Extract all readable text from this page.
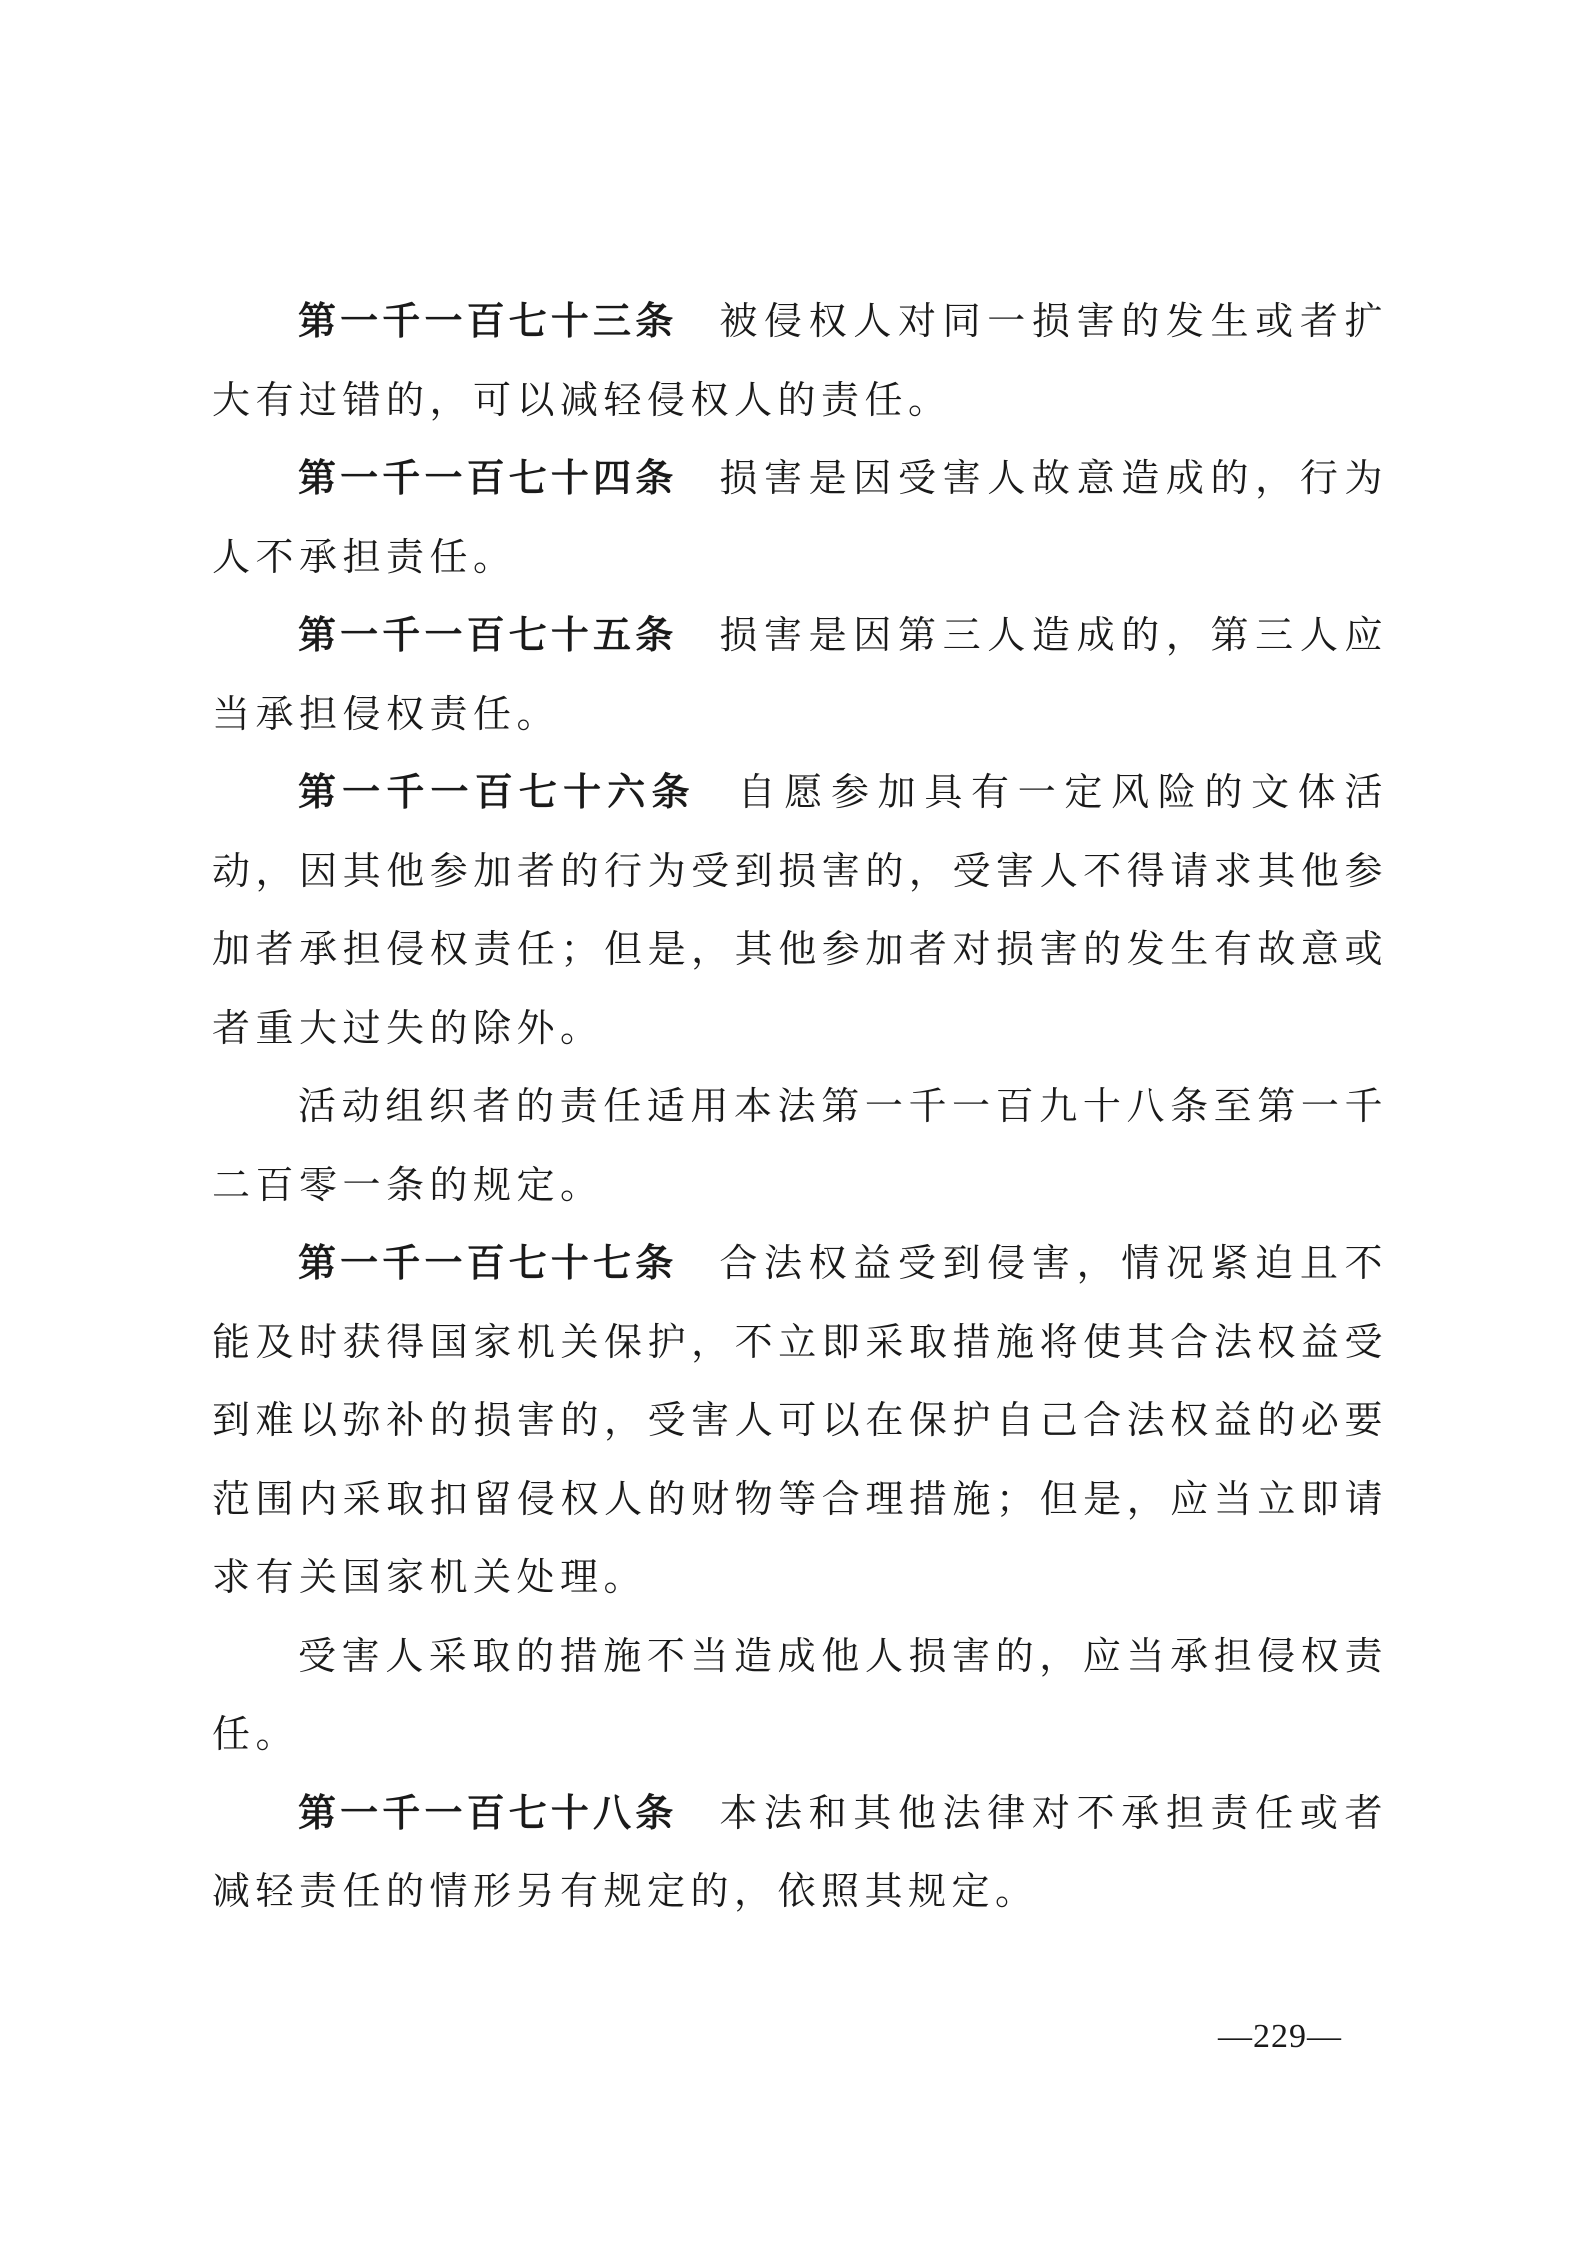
第一千一百七十三条 被侵权人对同一损害的发生或者扩大有过错的，可以减轻侵权人的责任。

第一千一百七十四条 损害是因受害人故意造成的，行为人不承担责任。

第一千一百七十五条 损害是因第三人造成的，第三人应当承担侵权责任。

第一千一百七十六条 自愿参加具有一定风险的文体活动，因其他参加者的行为受到损害的，受害人不得请求其他参加者承担侵权责任；但是，其他参加者对损害的发生有故意或者重大过失的除外。

活动组织者的责任适用本法第一千一百九十八条至第一千二百零一条的规定。

第一千一百七十七条 合法权益受到侵害，情况紧迫且不能及时获得国家机关保护，不立即采取措施将使其合法权益受到难以弥补的损害的，受害人可以在保护自己合法权益的必要范围内采取扣留侵权人的财物等合理措施；但是，应当立即请求有关国家机关处理。

受害人采取的措施不当造成他人损害的，应当承担侵权责任。

第一千一百七十八条 本法和其他法律对不承担责任或者减轻责任的情形另有规定的，依照其规定。

—229—
